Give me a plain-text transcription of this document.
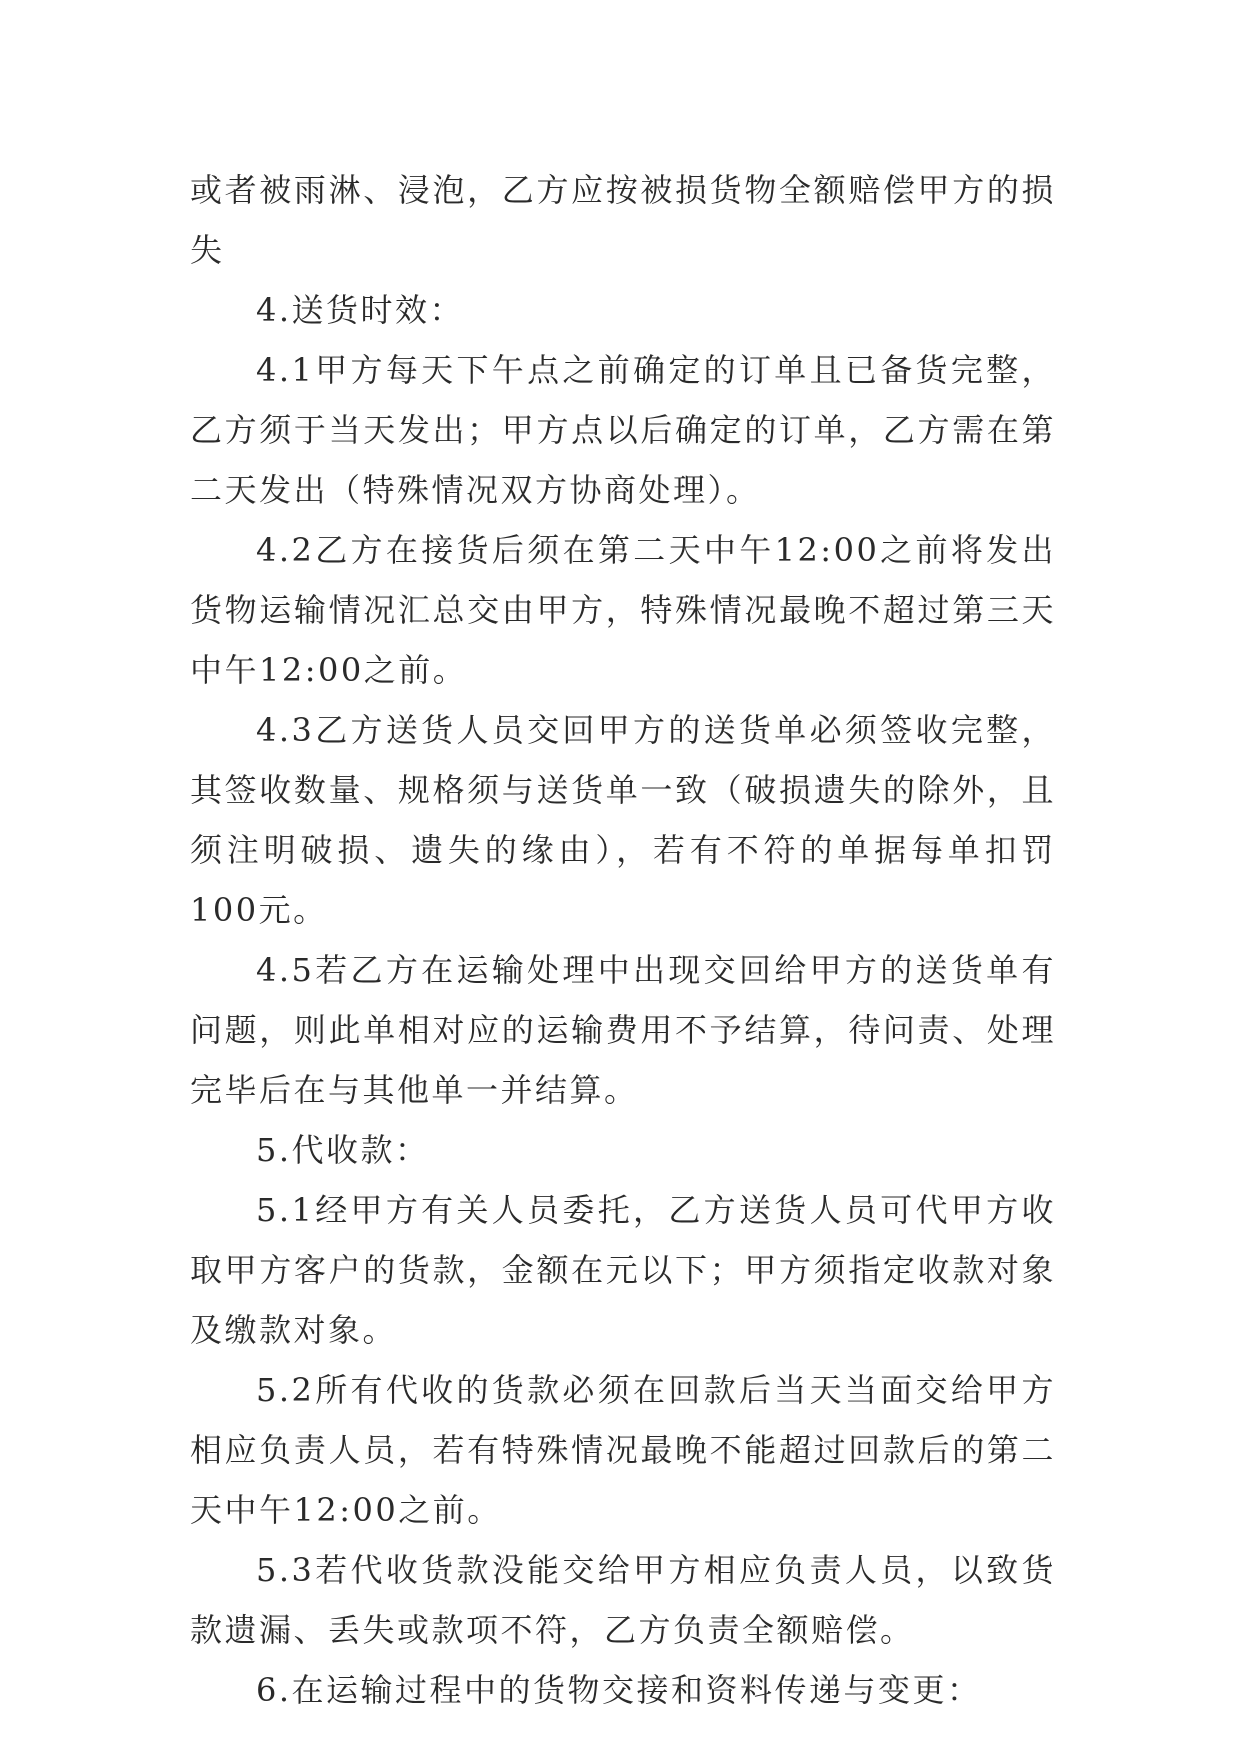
或者被雨淋、浸泡，乙方应按被损货物全额赔偿甲方的损失

4.送货时效：

4.1甲方每天下午点之前确定的订单且已备货完整，乙方须于当天发出；甲方点以后确定的订单，乙方需在第二天发出（特殊情况双方协商处理）。

4.2乙方在接货后须在第二天中午12:00之前将发出货物运输情况汇总交由甲方，特殊情况最晚不超过第三天中午12:00之前。

4.3乙方送货人员交回甲方的送货单必须签收完整，其签收数量、规格须与送货单一致（破损遗失的除外，且须注明破损、遗失的缘由），若有不符的单据每单扣罚100元。

4.5若乙方在运输处理中出现交回给甲方的送货单有问题，则此单相对应的运输费用不予结算，待问责、处理完毕后在与其他单一并结算。

5.代收款：

5.1经甲方有关人员委托，乙方送货人员可代甲方收取甲方客户的货款，金额在元以下；甲方须指定收款对象及缴款对象。

5.2所有代收的货款必须在回款后当天当面交给甲方相应负责人员，若有特殊情况最晚不能超过回款后的第二天中午12:00之前。

5.3若代收货款没能交给甲方相应负责人员，以致货款遗漏、丢失或款项不符，乙方负责全额赔偿。

6.在运输过程中的货物交接和资料传递与变更：
